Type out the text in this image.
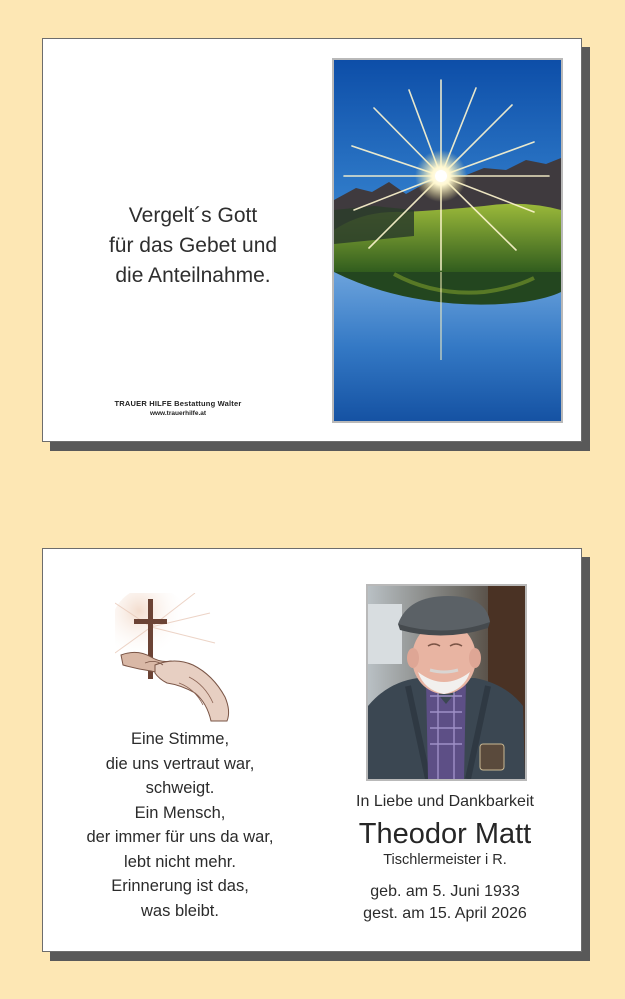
Vergelt´s Gott
für das Gebet und
die Anteilnahme.
TRAUER HILFE Bestattung Walter
www.trauerhilfe.at
Eine Stimme,
die uns vertraut war,
schweigt.
Ein Mensch,
der immer für uns da war,
lebt nicht mehr.
Erinnerung ist das,
was bleibt.
In Liebe und Dankbarkeit
Theodor Matt
Tischlermeister i R.
geb. am 5. Juni 1933
gest. am 15. April 2026
